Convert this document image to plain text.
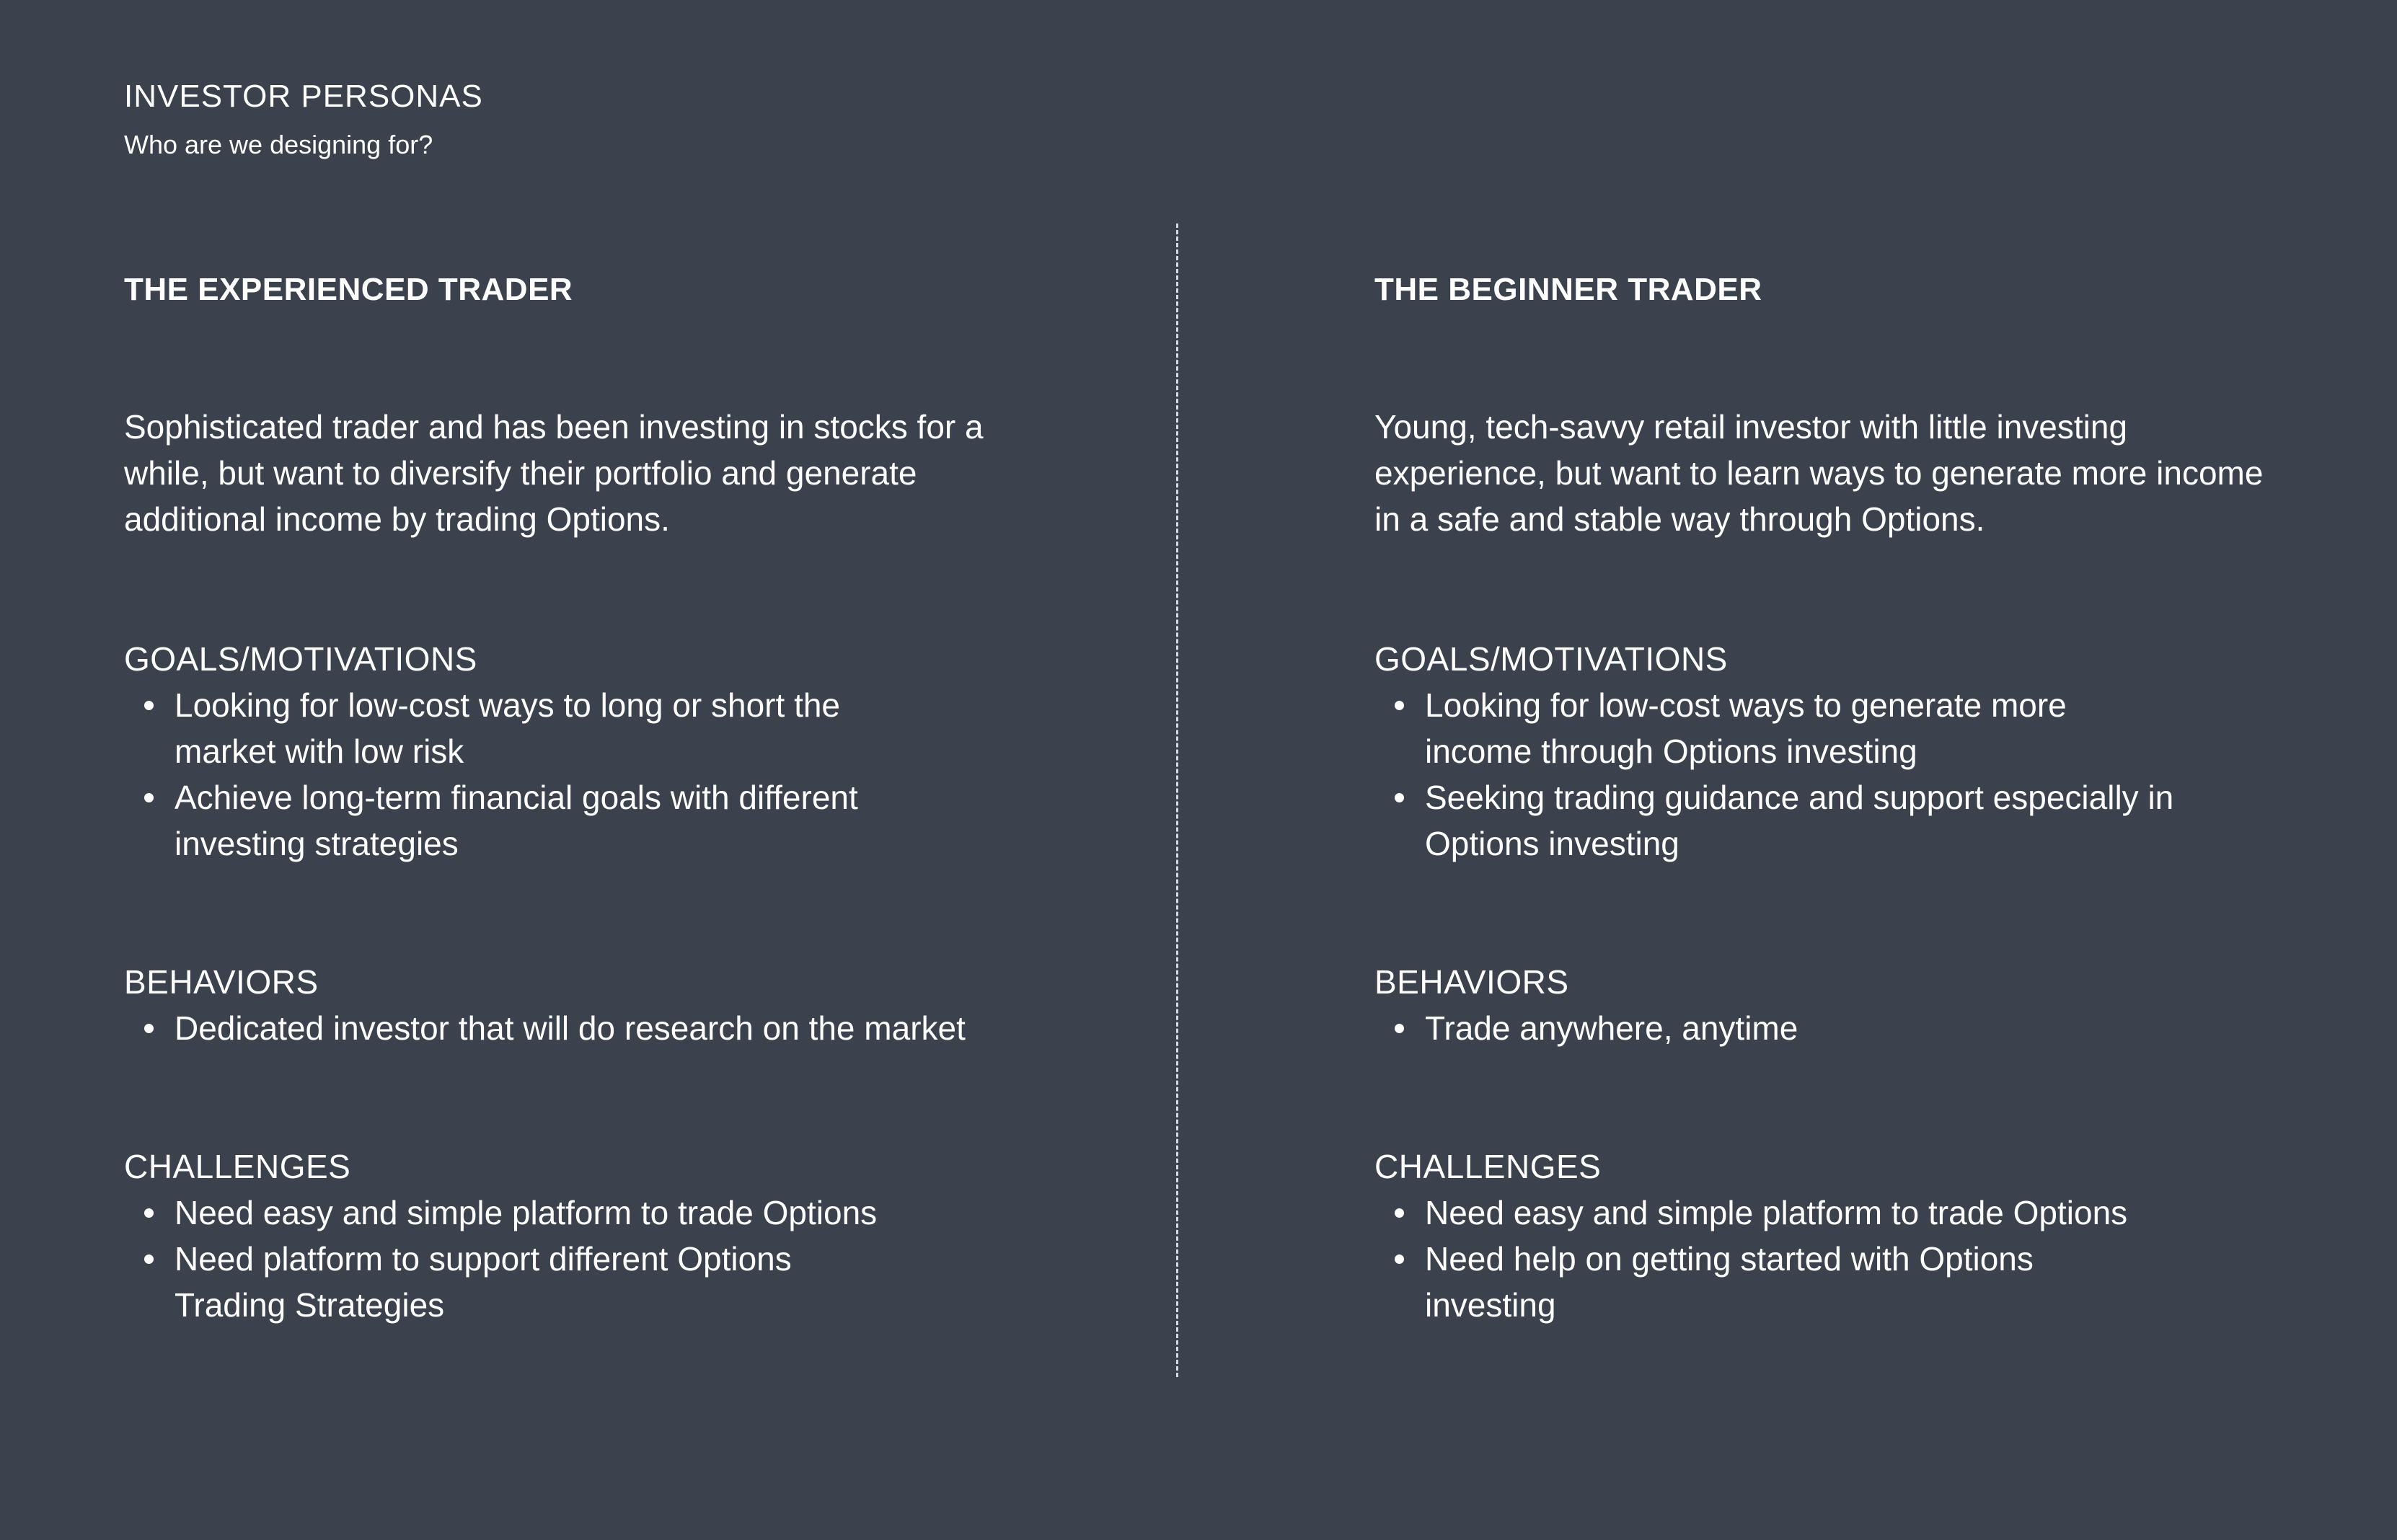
INVESTOR PERSONAS
Who are we designing for?
THE EXPERIENCED TRADER

Sophisticated trader and has been investing in stocks for a while, but want to diversify their portfolio and generate additional income by trading Options.

GOALS/MOTIVATIONS
Looking for low-cost ways to long or short the market with low risk
Achieve long-term financial goals with different investing strategies
BEHAVIORS
Dedicated investor that will do research on the market
CHALLENGES
Need easy and simple platform to trade Options
Need platform to support different Options Trading Strategies
THE BEGINNER TRADER

Young, tech-savvy retail investor with little investing experience, but want to learn ways to generate more income in a safe and stable way through Options.

GOALS/MOTIVATIONS
Looking for low-cost ways to generate more income through Options investing
Seeking trading guidance and support especially in Options investing
BEHAVIORS
Trade anywhere, anytime
CHALLENGES
Need easy and simple platform to trade Options
Need help on getting started with Options investing
